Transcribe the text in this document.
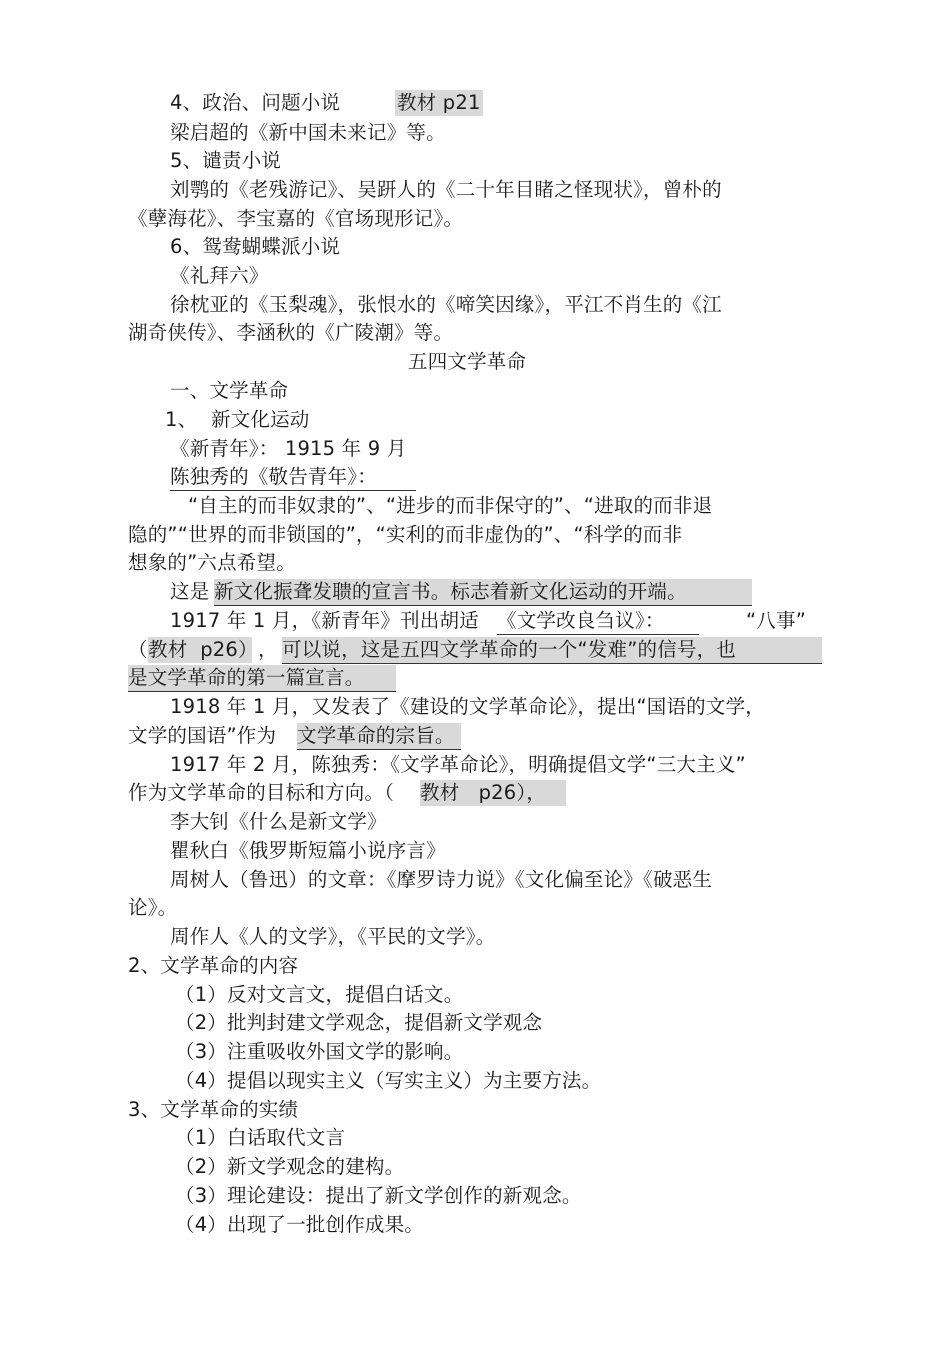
4、政治、问题小说	教材 p21
梁启超的《新中国未来记》等。
5、谴责小说
刘鹗的《老残游记》、吴趼人的《二十年目睹之怪现状》，曾朴的
《孽海花》、李宝嘉的《官场现形记》。
6、鸳鸯蝴蝶派小说
《礼拜六》
徐枕亚的《玉梨魂》，张恨水的《啼笑因缘》，平江不肖生的《江
湖奇侠传》、李涵秋的《广陵潮》等。
五四文学革命
一、文学革命
1、 新文化运动
《新青年》： 1915 年 9 月
陈独秀的《敬告青年》：
“自主的而非奴隶的”、“进步的而非保守的”、“进取的而非退
隐的”“世界的而非锁国的”，“实利的而非虚伪的”、“科学的而非
想象的”六点希望。
这是 新文化振聋发聩的宣言书。标志着新文化运动的开端。
1917 年 1 月，《新青年》刊出胡适 《文学改良刍议》：	“八事”
（ 教材  p26） ， 可以说，这是五四文学革命的一个“发难”的信号，也
是文学革命的第一篇宣言。
1918 年 1 月，又发表了《建设的文学革命论》，提出“国语的文学，
文学的国语”作为 文学革命的宗旨。
1917 年 2 月，陈独秀：《文学革命论》，明确提倡文学“三大主义”
作为文学革命的目标和方向。（ 教材   p26），
李大钊《什么是新文学》
瞿秋白《俄罗斯短篇小说序言》
周树人（鲁迅）的文章：《摩罗诗力说》《文化偏至论》《破恶生
论》。
周作人《人的文学》，《平民的文学》。
2、文学革命的内容
（1）反对文言文，提倡白话文。
（2）批判封建文学观念，提倡新文学观念
（3）注重吸收外国文学的影响。
（4）提倡以现实主义（写实主义）为主要方法。
3、文学革命的实绩
（1）白话取代文言
（2）新文学观念的建构。
（3）理论建设：提出了新文学创作的新观念。
（4）出现了一批创作成果。
